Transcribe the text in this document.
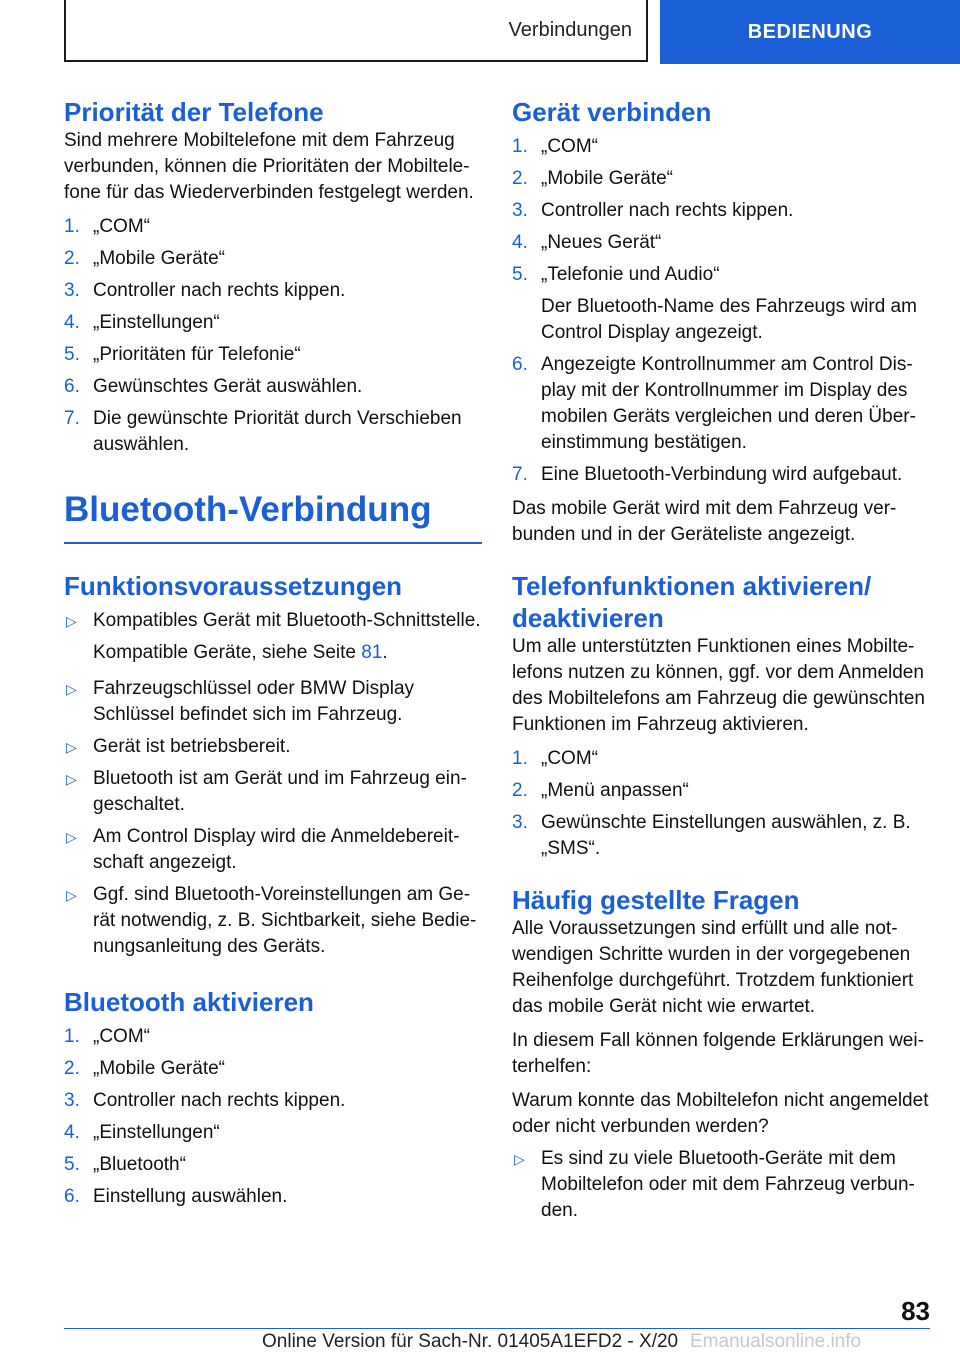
Verbindungen	BEDIENUNG
Priorität der Telefone

Sind mehrere Mobiltelefone mit dem Fahrzeug verbunden, können die Prioritäten der Mobiltelefone für das Wiederverbinden festgelegt werden.

1. „COM“
2. „Mobile Geräte“
3. Controller nach rechts kippen.
4. „Einstellungen“
5. „Prioritäten für Telefonie“
6. Gewünschtes Gerät auswählen.
7. Die gewünschte Priorität durch Verschieben auswählen.
Bluetooth-Verbindung
Funktionsvoraussetzungen
▷ Kompatibles Gerät mit Bluetooth-Schnittstelle.
Kompatible Geräte, siehe Seite 81.
▷ Fahrzeugschlüssel oder BMW Display Schlüssel befindet sich im Fahrzeug.
▷ Gerät ist betriebsbereit.
▷ Bluetooth ist am Gerät und im Fahrzeug eingeschaltet.
▷ Am Control Display wird die Anmeldebereitschaft angezeigt.
▷ Ggf. sind Bluetooth-Voreinstellungen am Gerät notwendig, z. B. Sichtbarkeit, siehe Bedienungsanleitung des Geräts.
Bluetooth aktivieren
1. „COM“
2. „Mobile Geräte“
3. Controller nach rechts kippen.
4. „Einstellungen“
5. „Bluetooth“
6. Einstellung auswählen.
Gerät verbinden
1. „COM“
2. „Mobile Geräte“
3. Controller nach rechts kippen.
4. „Neues Gerät“
5. „Telefonie und Audio“
Der Bluetooth-Name des Fahrzeugs wird am Control Display angezeigt.
6. Angezeigte Kontrollnummer am Control Display mit der Kontrollnummer im Display des mobilen Geräts vergleichen und deren Übereinstimmung bestätigen.
7. Eine Bluetooth-Verbindung wird aufgebaut.

Das mobile Gerät wird mit dem Fahrzeug verbunden und in der Geräteliste angezeigt.

Telefonfunktionen aktivieren/ deaktivieren

Um alle unterstützten Funktionen eines Mobiltelefons nutzen zu können, ggf. vor dem Anmelden des Mobiltelefons am Fahrzeug die gewünschten Funktionen im Fahrzeug aktivieren.

1. „COM“
2. „Menü anpassen“
3. Gewünschte Einstellungen auswählen, z. B. „SMS“.
Häufig gestellte Fragen

Alle Voraussetzungen sind erfüllt und alle notwendigen Schritte wurden in der vorgegebenen Reihenfolge durchgeführt. Trotzdem funktioniert das mobile Gerät nicht wie erwartet.

In diesem Fall können folgende Erklärungen weiterhelfen:

Warum konnte das Mobiltelefon nicht angemeldet oder nicht verbunden werden?

▷ Es sind zu viele Bluetooth-Geräte mit dem Mobiltelefon oder mit dem Fahrzeug verbunden.
83
Online Version für Sach-Nr. 01405A1EFD2 - X/20 Emanualsonline.info
